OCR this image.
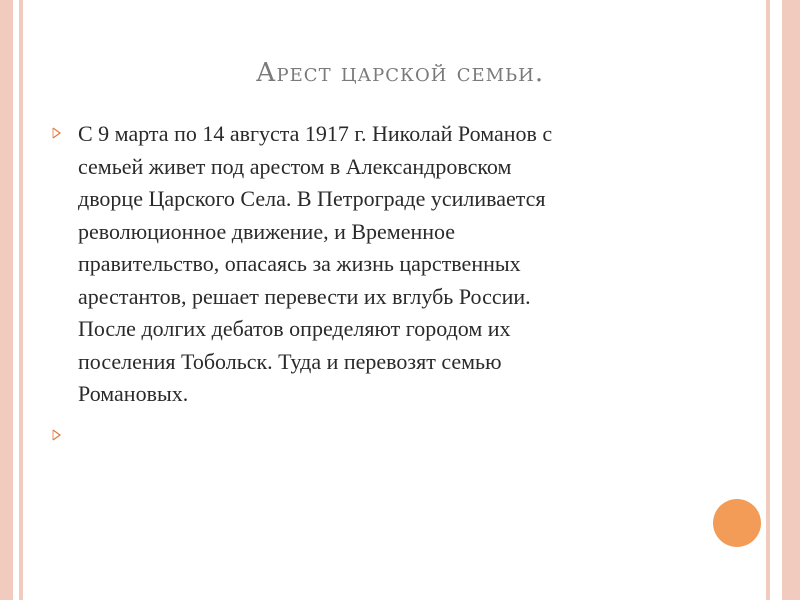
Арест царской семьи.
С 9 марта по 14 августа 1917 г. Николай Романов с
семьей живет под арестом в Александровском
дворце Царского Села. В Петрограде усиливается
революционное движение, и Временное
правительство, опасаясь за жизнь царственных
арестантов, решает перевести их вглубь России.
После долгих дебатов определяют городом их
поселения Тобольск. Туда и перевозят семью
Романовых.
